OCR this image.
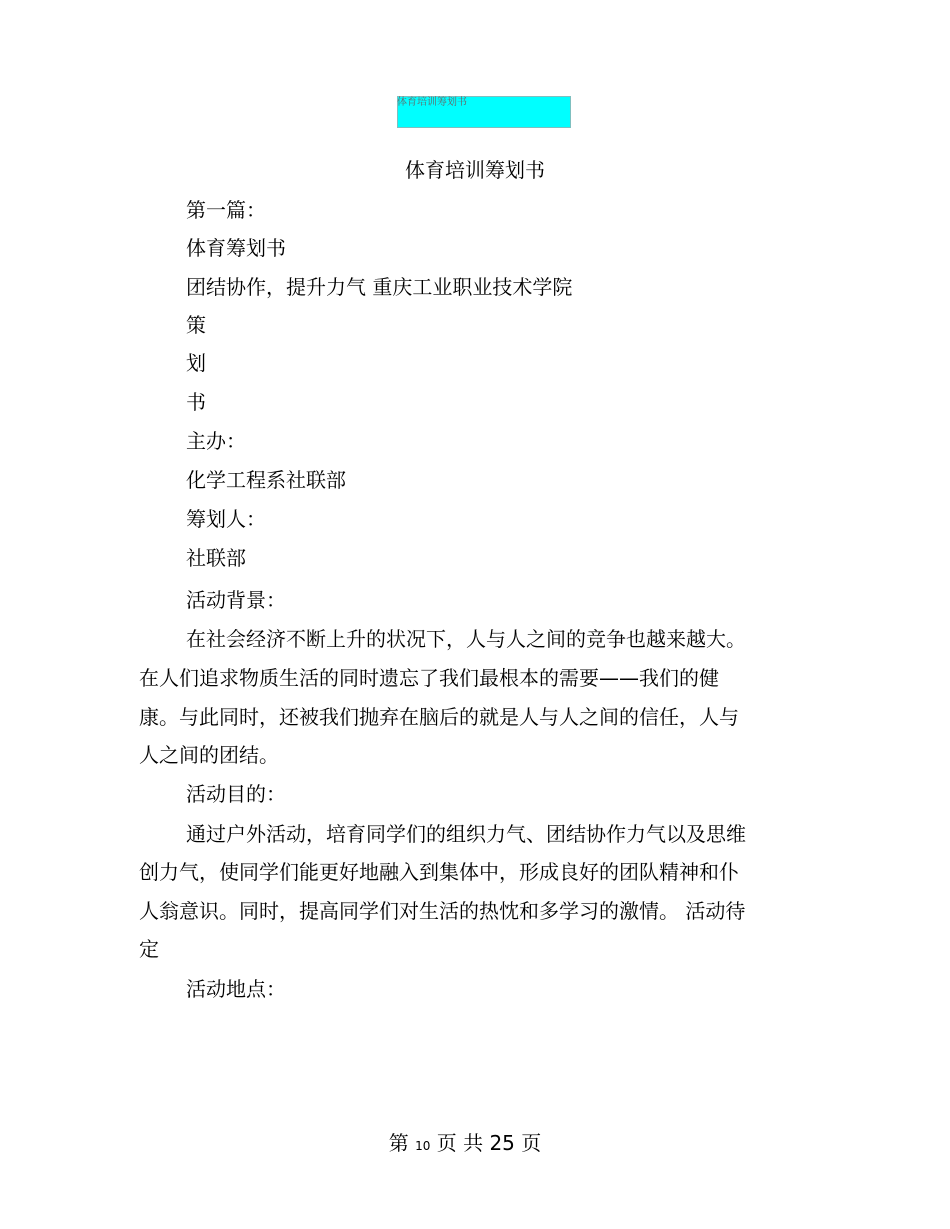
体育培训筹划书
体育培训筹划书
第一篇：
体育筹划书
团结协作，提升力气 重庆工业职业技术学院
策
划
书
主办：
化学工程系社联部
筹划人：
社联部
活动背景：
在社会经济不断上升的状况下，人与人之间的竞争也越来越大。
在人们追求物质生活的同时遗忘了我们最根本的需要——我们的健
康。与此同时，还被我们抛弃在脑后的就是人与人之间的信任，人与
人之间的团结。
活动目的：
通过户外活动，培育同学们的组织力气、团结协作力气以及思维
创力气，使同学们能更好地融入到集体中，形成良好的团队精神和仆
人翁意识。同时，提高同学们对生活的热忱和多学习的激情。 活动待
定
活动地点：
第 10 页 共 25 页
